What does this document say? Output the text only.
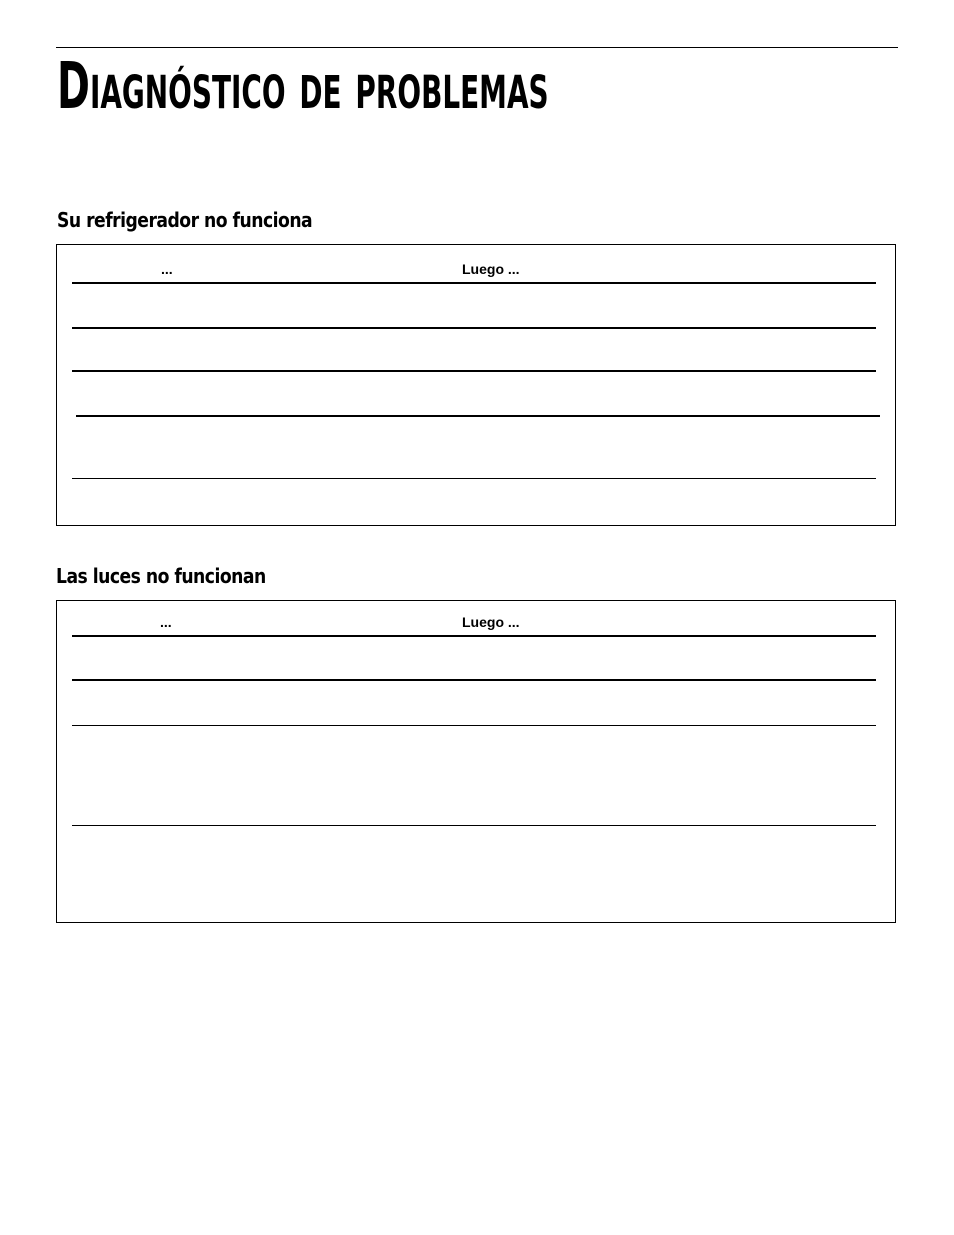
Diagnóstico de problemas
Su refrigerador no funciona
...	Luego ...
Las luces no funcionan
...	Luego ...
